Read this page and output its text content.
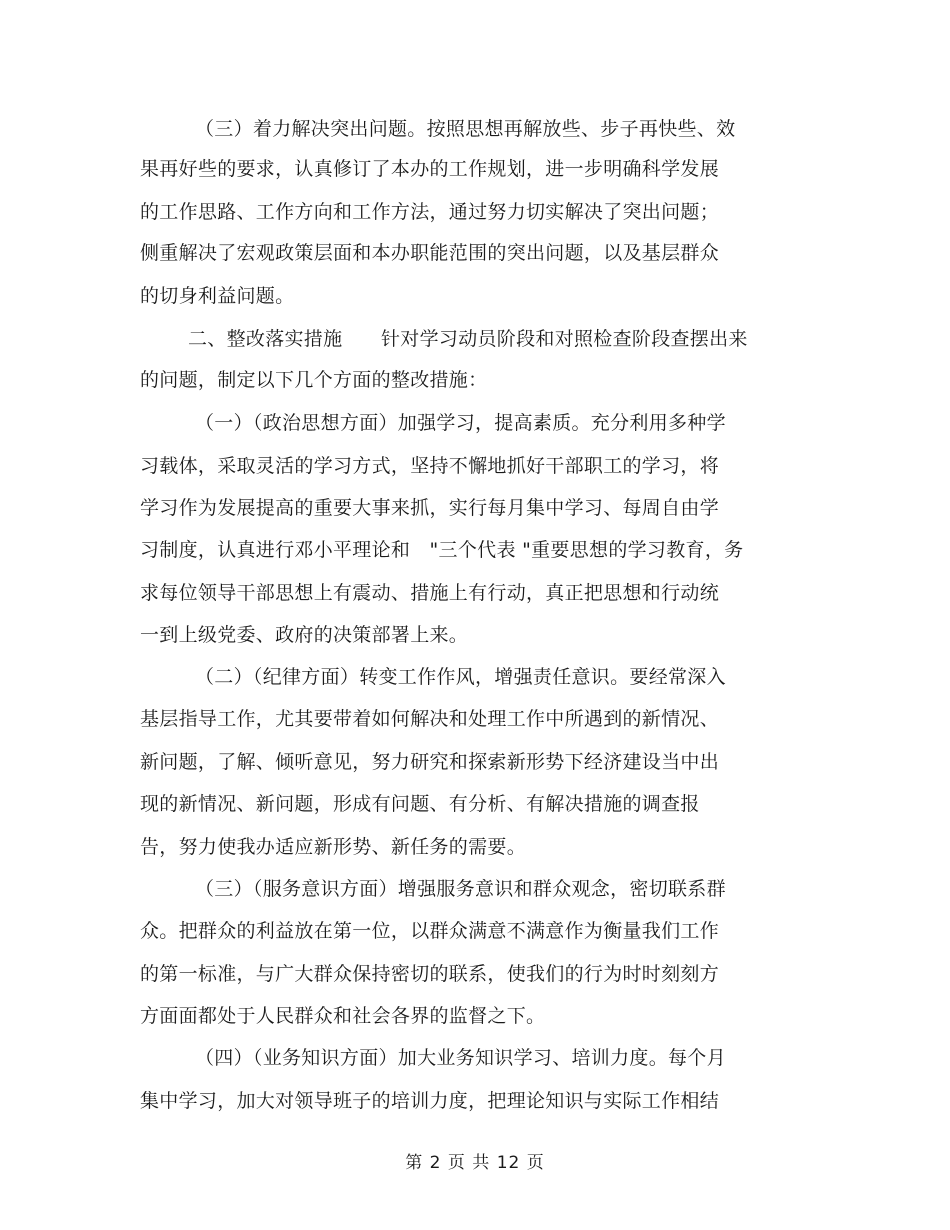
（三）着力解决突出问题。按照思想再解放些、步子再快些、效
果再好些的要求，认真修订了本办的工作规划，进一步明确科学发展
的工作思路、工作方向和工作方法，通过努力切实解决了突出问题；
侧重解决了宏观政策层面和本办职能范围的突出问题，以及基层群众
的切身利益问题。
二、整改落实措施　　针对学习动员阶段和对照检查阶段查摆出来
的问题，制定以下几个方面的整改措施：
（一）（政治思想方面）加强学习，提高素质。充分利用多种学
习载体，采取灵活的学习方式，坚持不懈地抓好干部职工的学习，将
学习作为发展提高的重要大事来抓，实行每月集中学习、每周自由学
习制度，认真进行邓小平理论和　"三个代表 "重要思想的学习教育，务
求每位领导干部思想上有震动、措施上有行动，真正把思想和行动统
一到上级党委、政府的决策部署上来。
（二）（纪律方面）转变工作作风，增强责任意识。要经常深入
基层指导工作，尤其要带着如何解决和处理工作中所遇到的新情况、
新问题，了解、倾听意见，努力研究和探索新形势下经济建设当中出
现的新情况、新问题，形成有问题、有分析、有解决措施的调查报
告，努力使我办适应新形势、新任务的需要。
（三）（服务意识方面）增强服务意识和群众观念，密切联系群
众。把群众的利益放在第一位，以群众满意不满意作为衡量我们工作
的第一标准，与广大群众保持密切的联系，使我们的行为时时刻刻方
方面面都处于人民群众和社会各界的监督之下。
（四）（业务知识方面）加大业务知识学习、培训力度。每个月
集中学习，加大对领导班子的培训力度，把理论知识与实际工作相结
第 2 页 共 12 页
